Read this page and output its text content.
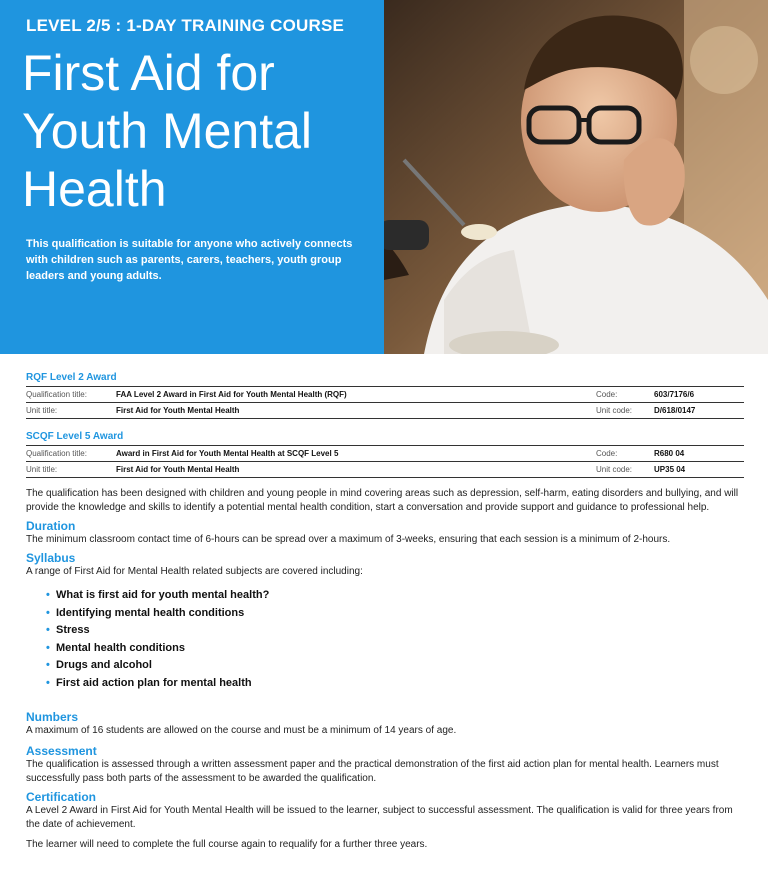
LEVEL 2/5 : 1-DAY TRAINING COURSE
First Aid for
Youth Mental
Health
This qualification is suitable for anyone who actively connects with children such as parents, carers, teachers, youth group leaders and young adults.
RQF Level 2 Award
Qualification title:	FAA Level 2 Award in First Aid for Youth Mental Health (RQF)	Code:	603/7176/6
Unit title:	First Aid for Youth Mental Health	Unit code:	D/618/0147
SCQF Level 5 Award
Qualification title:	Award in First Aid for Youth Mental Health at SCQF Level 5	Code:	R680 04
Unit title:	First Aid for Youth Mental Health	Unit code:	UP35 04

The qualification has been designed with children and young people in mind covering areas such as depression, self-harm, eating disorders and bullying, and will provide the knowledge and skills to identify a potential mental health condition, start a conversation and provide support and guidance to professional help.

Duration

The minimum classroom contact time of 6-hours can be spread over a maximum of 3-weeks, ensuring that each session is a minimum of 2-hours.

Syllabus

A range of First Aid for Mental Health related subjects are covered including:

• What is first aid for youth mental health?
• Identifying mental health conditions
• Stress
• Mental health conditions
• Drugs and alcohol
• First aid action plan for mental health

Numbers

A maximum of 16 students are allowed on the course and must be a minimum of 14 years of age.

Assessment

The qualification is assessed through a written assessment paper and the practical demonstration of the first aid action plan for mental health. Learners must successfully pass both parts of the assessment to be awarded the qualification.

Certification

A Level 2 Award in First Aid for Youth Mental Health will be issued to the learner, subject to successful assessment. The qualification is valid for three years from the date of achievement.

The learner will need to complete the full course again to requalify for a further three years.
